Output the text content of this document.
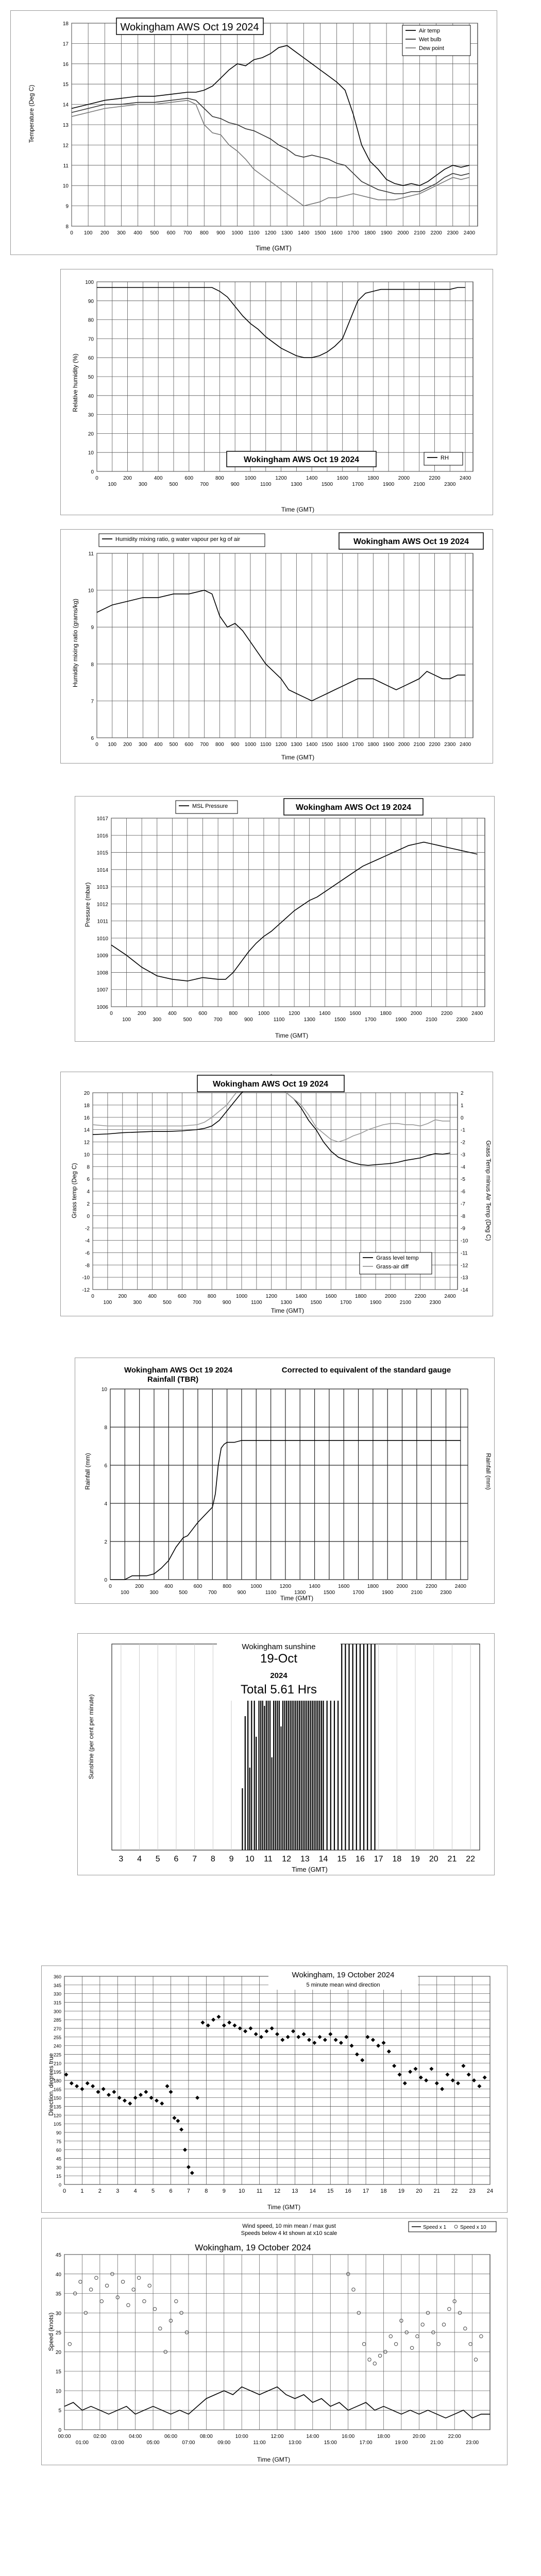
8
9
10
11
12
13
14
15
16
17
18
0 100 200 300 400 500 600 700 800 900 1000 1100 1200 1300 1400 1500 1600 1700 1800 1900 2000 2100 2200 2300 2400
Wokingham AWS Oct 19 2024	Air temp
Wet bulb
Dew point
Temperature (Deg C)
Time (GMT)
0
10
20
30
40
50
60
70
80
90
100
0
100
200
300
400
500
600
700
800
900
1000
1100
1200
1300
1400
1500
1600
1700
1800
1900
2000
2100
2200
2300
2400
Wokingham AWS Oct 19 2024	RH
Relative humidity (%)
Time (GMT)
6
7
8
9
10
11
0 100 200 300 400 500 600 700 800 900 1000 1100 1200 1300 1400 1500 1600 1700 1800 1900 2000 2100 2200 2300 2400
Wokingham AWS Oct 19 2024
Humidity mixing ratio, g water vapour per kg of air
Humidity mixing ratio (grams/kg)
Time (GMT)
1006
1007
1008
1009
1010
1011
1012
1013
1014
1015
1016
1017
0
100
200
300
400
500
600
700
800
900
1000
1100
1200
1300
1400
1500
1600
1700
1800
1900
2000
2100
2200
2300
2400
Wokingham AWS Oct 19 2024
MSL Pressure
Pressure (mbar)
Time (GMT)
-12
-10
-8
-6
-4
-2
0
2
4
6
8
10
12
14
16
18
20
-14
-13
-12
-11
-10
-9
-8
-7
-6
-5
-4
-3
-2
-1
0
1
2
0
100
200
300
400
500
600
700
800
900
1000
1100
1200
1300
1400
1500
1600
1700
1800
1900
2000
2100
2200
2300
2400
Wokingham AWS Oct 19 2024
Grass level temp
Grass-air diff
Grass temp (Deg C)	Grass Temp minus Air Temp (Deg C)
Time (GMT)
0
2
4
6
8
10
0
100
200
300
400
500
600
700
800
900
1000
1100
1200
1300
1400
1500
1600
1700
1800
1900
2000
2100
2200
2300
2400
Wokingham AWS Oct 19 2024
Rainfall (TBR)
Corrected to equivalent of the standard gauge
Rainfall (mm)	Rainfall (mm)
Time (GMT)
3 4 5 6 7 8 9 10 11 12 13 14 15 16 17 18 19 20 21 22
Wokingham sunshine
19-Oct
2024
Total 5.61 Hrs
Sunshine (per cent per minute)
Time (GMT)
0
15
30
45
60
75
90
105
120
135
150
165
180
195
210
225
240
255
270
285
300
315
330
345
360
0	1	2	3	4	5	6	7	8	9 10 11 12 13 14 15 16 17 18 19 20 21 22 23 24
Wokingham, 19 October 2024
5 minute mean wind direction
Direction, degrees true
Time (GMT)
0
5
10
15
20
25
30
35
40
45
00:00
01:00
02:00
03:00
04:00
05:00
06:00
07:00
08:00
09:00
10:00
11:00
12:00
13:00
14:00
15:00
16:00
17:00
18:00
19:00
20:00
21:00
22:00
23:00
Wind speed, 10 min mean / max gust
Speeds below 4 kt shown at x10 scale
Wokingham, 19 October 2024
Speed x 1	Speed x 10
Speed (knots)
Time (GMT)
